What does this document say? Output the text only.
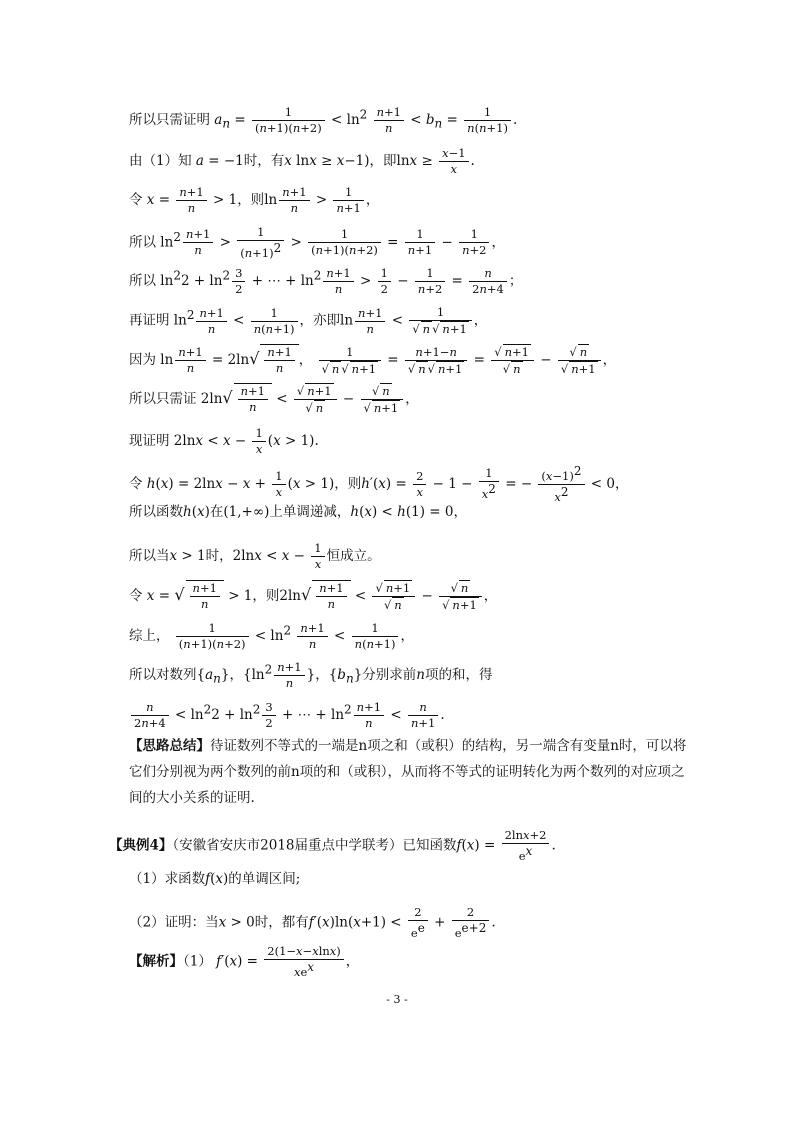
所以只需证明 $a_n = \frac{1}{(n+1)(n+2)} < \ln^2 \frac{n+1}{n} < b_n = \frac{1}{n(n+1)}$ .
由（1）知 a = −1时，有x lnx ≥ x−1)，即$\ln x \ge \frac{x-1}{x}$ .
令 $x = \frac{n+1}{n} > 1$，则$\ln \frac{n+1}{n} > \frac{1}{n+1}$ ，
所以 $\ln^2 \frac{n+1}{n} > \frac{1}{(n+1)^2} > \frac{1}{(n+1)(n+2)} = \frac{1}{n+1} - \frac{1}{n+2}$ ，
所以 $\ln^22 + \ln^2 \frac{3}{2}$ + ⋯ + $\ln^2 \frac{n+1}{n} > \frac{1}{2} - \frac{1}{n+2} = \frac{n}{2n+4}$ ；
再证明 $\ln^2 \frac{n+1}{n} < \frac{1}{n(n+1)}$ ，亦即$\ln \frac{n+1}{n} < \frac{1}{√ n √ n+1}$ ，
因为 $\ln \frac{n+1}{n} = 2\ln√ \frac{n+1}{n}$ ， $\frac{1}{√ n √ n+1} = \frac{n+1-n}{√ n √ n+1} = \frac{√ n+1}{√ n} - \frac{√ n}{√ n+1}$ ，
所以只需证 $2\ln√ \frac{n+1}{n} < \frac{√ n+1}{√ n} - \frac{√ n}{√ n+1}$ ，
现证明 $2\ln x < x - \frac{1}{x} (x > 1)$.
令 $h(x) = 2\ln x - x + \frac{1}{x} (x > 1)$，则$h'(x) = \frac{2}{x} - 1 - \frac{1}{x^2}$ = − $\frac{(x-1)^2}{x^2} < 0$，
所以函数h(x)在(1,+∞)上单调递减，h(x) < h(1) = 0，
所以当x > 1时，$2\ln x < x - \frac{1}{x}$ 恒成立。
令 x = √ $\frac{n+1}{n} > 1$，则$2\ln√ \frac{n+1}{n} < \frac{√ n+1}{√ n} - \frac{√ n}{√ n+1}$ ，
综上， $\frac{1}{(n+1)(n+2)} < \ln^2 \frac{n+1}{n} < \frac{1}{n(n+1)}$ ，
所以对数列$\{a_n\}$，{$\ln^2 \frac{n+1}{n}$ }，$\{b_n\}$分别求前n项的和，得
$\frac{n}{2n+4} < \ln^22 + \ln^2 \frac{3}{2}$ + ⋯ + $\ln^2 \frac{n+1}{n} < \frac{n}{n+1}$ .
【思路总结】待证数列不等式的一端是n项之和（或积）的结构，另一端含有变量n时，可以将它们分别视为两个数列的前n项的和（或积），从而将不等式的证明转化为两个数列的对应项之间的大小关系的证明.
【典例4】（安徽省安庆市2018届重点中学联考）已知函数$f(x) = \frac{2\ln x+2}{e^x}$ .
（1）求函数f(x)的单调区间;
（2）证明：当x > 0时，都有$f'(x)\ln(x+1) < \frac{2}{e^e} + \frac{2}{e^{e+2}}$ .
【解析】（1） $f'(x) = \frac{2(1-x-xlnx)}{xe^x}$ ，
- 3 -
